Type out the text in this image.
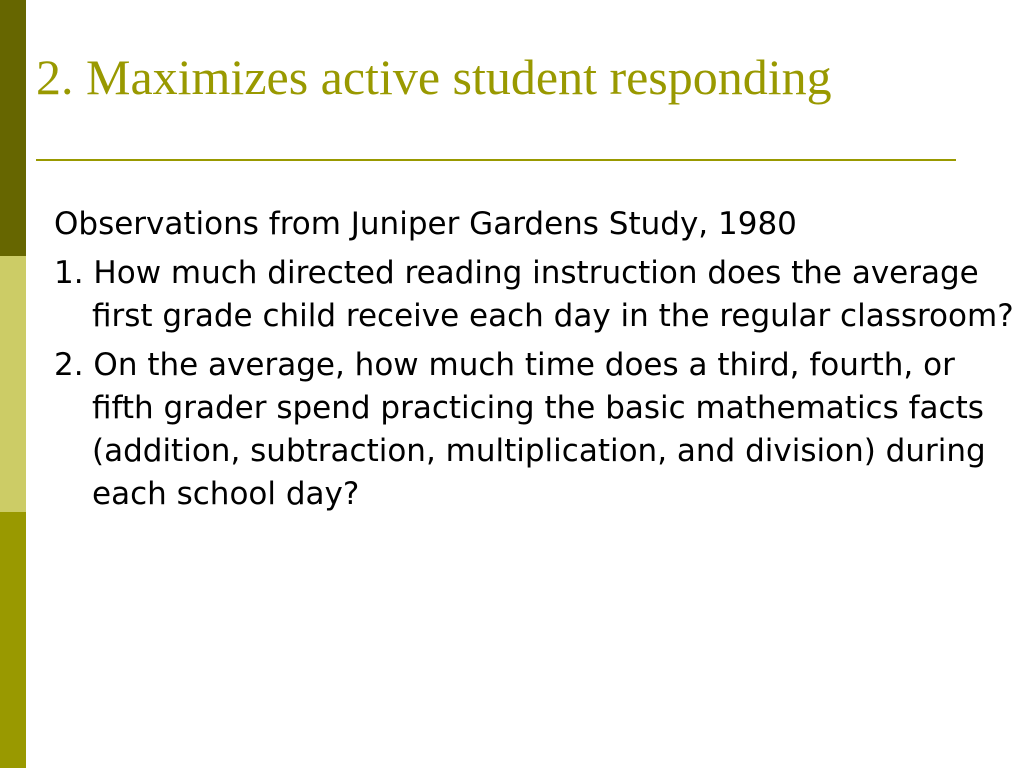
2. Maximizes active student responding
Observations from Juniper Gardens Study, 1980
1. How much directed reading instruction does the average first grade child receive each day in the regular classroom?
2. On the average, how much time does a third, fourth, or fifth grader spend practicing the basic mathematics facts (addition, subtraction, multiplication, and division) during each school day?
